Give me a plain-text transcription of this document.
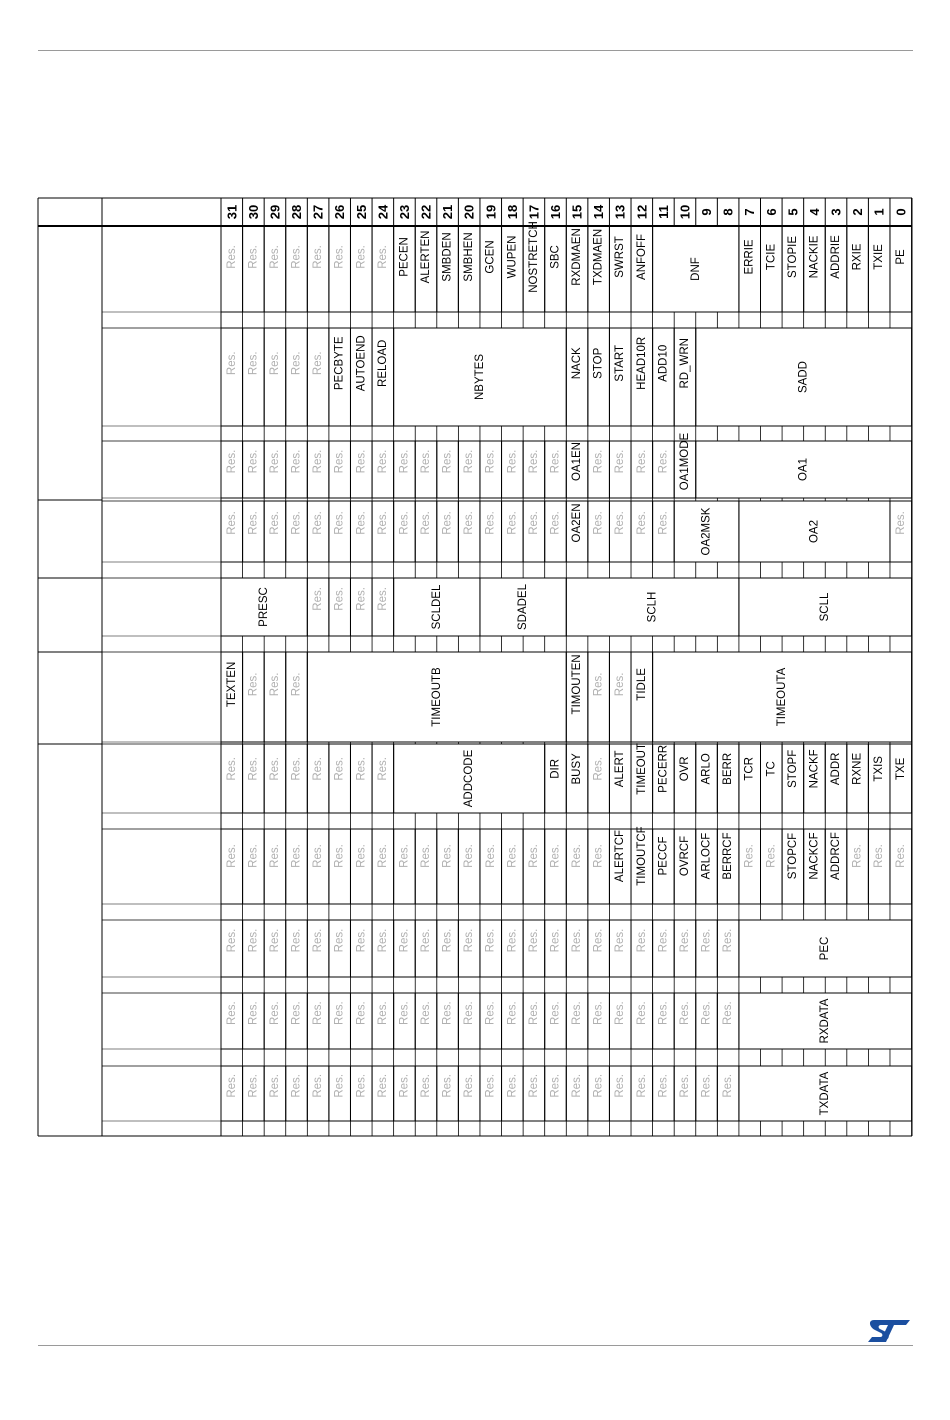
31 30 29 28 27 26 25 24 23 22 21 20 19 18 17 16 15 14 13 12 11 10 9 8 7 6 5 4 3 2 1 0
Res. Res. Res. Res. Res. Res. Res. Res. PECEN ALERTEN SMBDEN SMBHEN GCEN WUPEN NOSTRETCH SBC RXDMAEN TXDMAEN SWRST ANFOFF	DNF	ERRIE TCIE STOPIE NACKIE ADDRIE RXIE TXIE PE
Res. Res. Res. Res. Res. PECBYTE AUTOEND RELOAD	NBYTES	NACK STOP START HEAD10R ADD10 RD_WRN	SADD
Res. Res. Res. Res. Res. Res. Res. Res. Res. Res. Res. Res. Res. Res. Res. Res. OA1EN Res. Res. Res. Res. OA1MODE	OA1
Res. Res. Res. Res. Res. Res. Res. Res. Res. Res. Res. Res. Res. Res. Res. Res. OA2EN Res. Res. Res. Res.	OA2MSK	OA2	Res.
PRESC	Res. Res. Res. Res.	SCLDEL	SDADEL	SCLH	SCLL
TEXTEN Res. Res. Res.	TIMEOUTB	TIMOUTEN Res. Res. TIDLE	TIMEOUTA
Res. Res. Res. Res. Res. Res. Res. Res.	ADDCODE	DIR BUSY Res. ALERT TIMEOUT PECERR OVR ARLO BERR TCR TC STOPF NACKF ADDR RXNE TXIS TXE
Res. Res. Res. Res. Res. Res. Res. Res. Res. Res. Res. Res. Res. Res. Res. Res. Res. Res. ALERTCF TIMOUTCF PECCF OVRCF ARLOCF BERRCF Res. Res. STOPCF NACKCF ADDRCF Res. Res. Res.
Res. Res. Res. Res. Res. Res. Res. Res. Res. Res. Res. Res. Res. Res. Res. Res. Res. Res. Res. Res. Res. Res. Res. Res.	PEC
Res. Res. Res. Res. Res. Res. Res. Res. Res. Res. Res. Res. Res. Res. Res. Res. Res. Res. Res. Res. Res. Res. Res. Res.	RXDATA
Res. Res. Res. Res. Res. Res. Res. Res. Res. Res. Res. Res. Res. Res. Res. Res. Res. Res. Res. Res. Res. Res. Res. Res.	TXDATA
